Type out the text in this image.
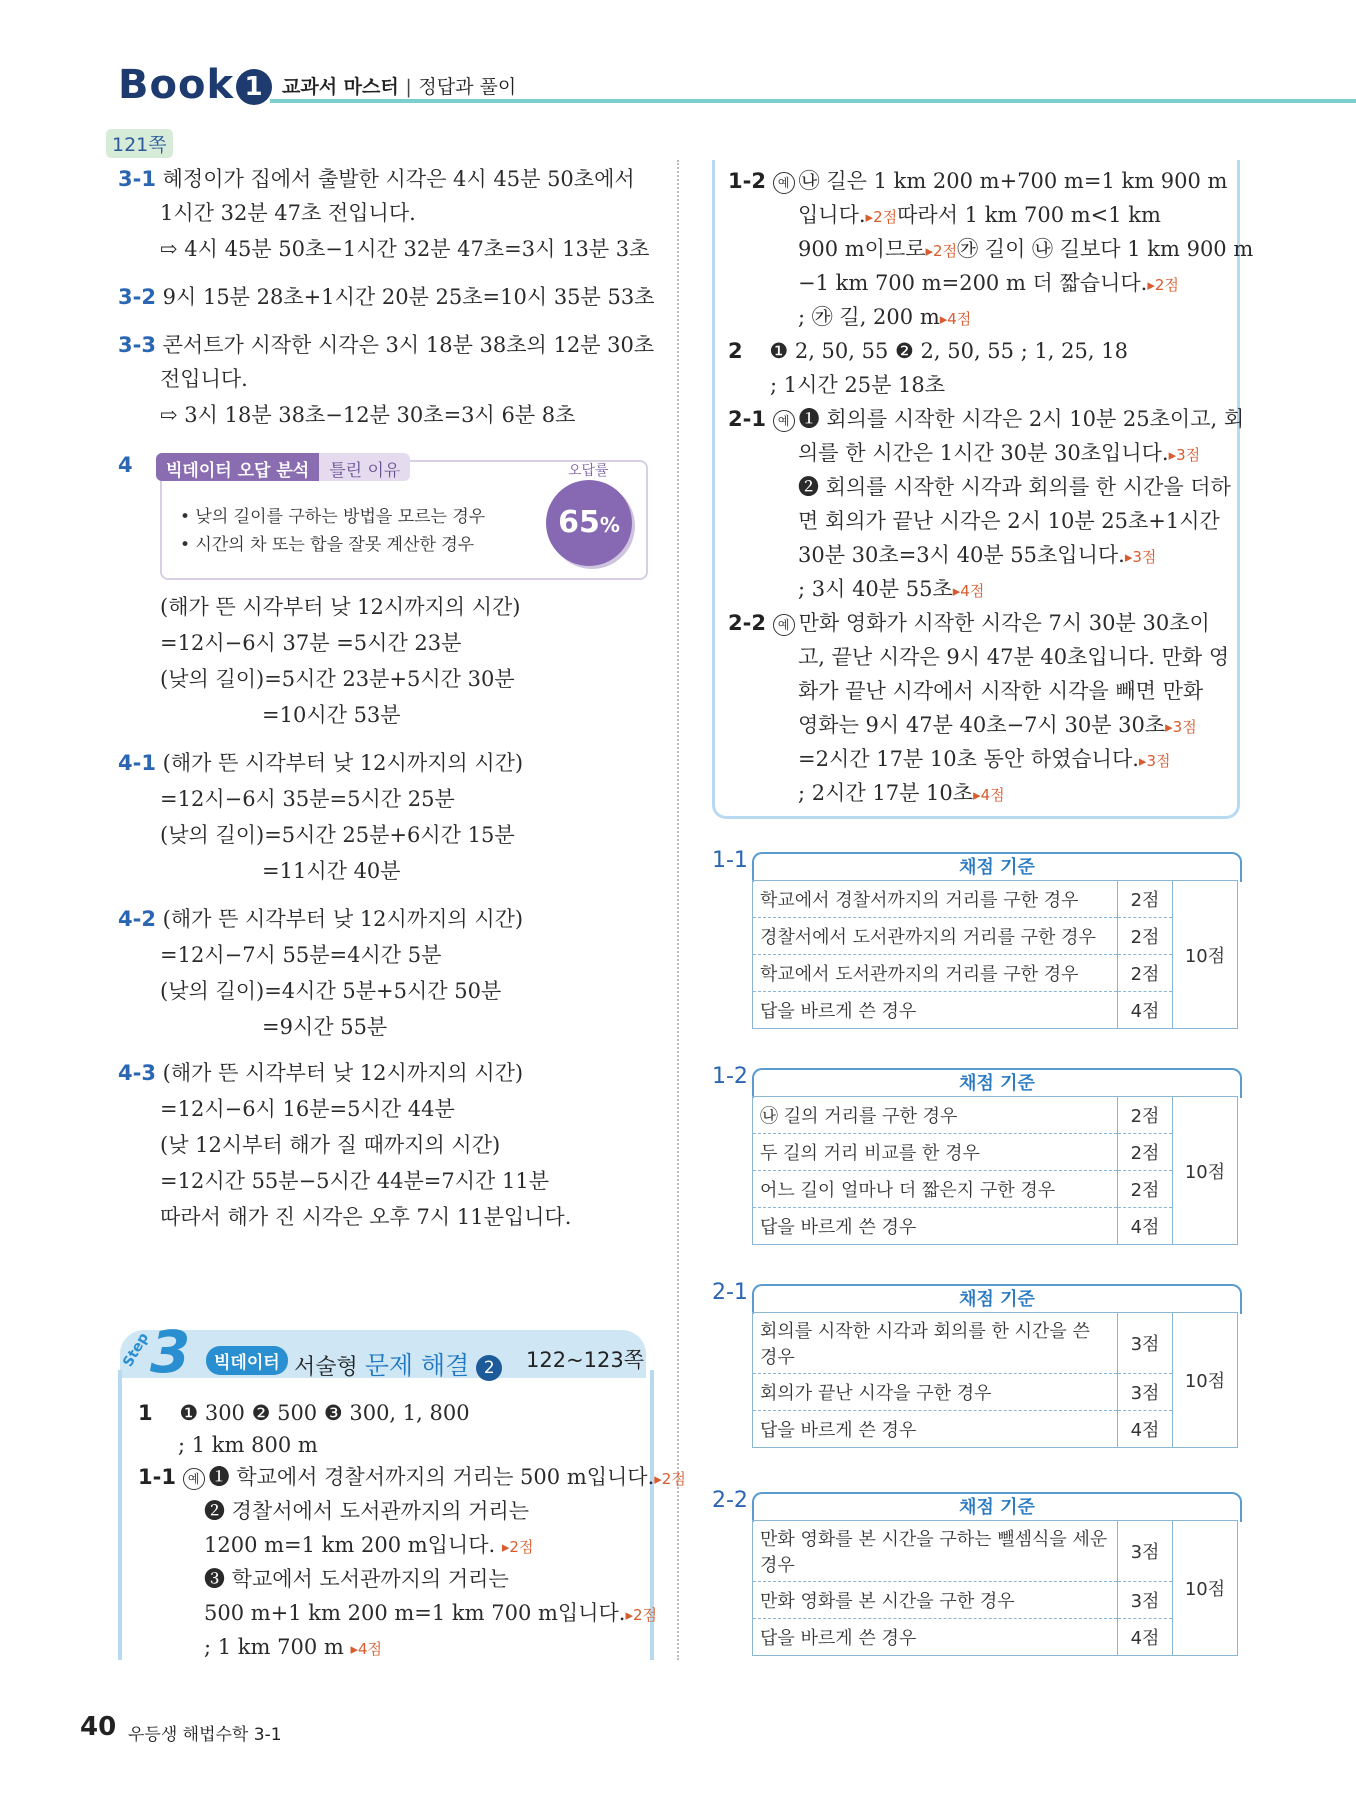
Book 1 교과서 마스터 | 정답과 풀이
121쪽
3-1 혜정이가 집에서 출발한 시각은 4시 45분 50초에서
1시간 32분 47초 전입니다.
⇨ 4시 45분 50초−1시간 32분 47초=3시 13분 3초
3-2 9시 15분 28초+1시간 20분 25초=10시 35분 53초
3-3 콘서트가 시작한 시각은 3시 18분 38초의 12분 30초
전입니다.
⇨ 3시 18분 38초−12분 30초=3시 6분 8초
4	빅데이터 오답 분석	틀린 이유	오답률
65%
• 낮의 길이를 구하는 방법을 모르는 경우
• 시간의 차 또는 합을 잘못 계산한 경우
(해가 뜬 시각부터 낮 12시까지의 시간)
=12시−6시 37분 =5시간 23분
(낮의 길이)=5시간 23분+5시간 30분
=10시간 53분
4-1 (해가 뜬 시각부터 낮 12시까지의 시간)
=12시−6시 35분=5시간 25분
(낮의 길이)=5시간 25분+6시간 15분
=11시간 40분
4-2 (해가 뜬 시각부터 낮 12시까지의 시간)
=12시−7시 55분=4시간 5분
(낮의 길이)=4시간 5분+5시간 50분
=9시간 55분
4-3 (해가 뜬 시각부터 낮 12시까지의 시간)
=12시−6시 16분=5시간 44분
(낮 12시부터 해가 질 때까지의 시간)
=12시간 55분−5시간 44분=7시간 11분
따라서 해가 진 시각은 오후 7시 11분입니다.
Step
3	빅데이터 서술형 문제 해결 2	122~123쪽
1 ❶ 300 ❷ 500 ❸ 300, 1, 800
; 1 km 800 m
1-1 예 ❶ 학교에서 경찰서까지의 거리는 500 m입니다.▸2점
❷ 경찰서에서 도서관까지의 거리는
1200 m=1 km 200 m입니다. ▸2점
❸ 학교에서 도서관까지의 거리는
500 m+1 km 200 m=1 km 700 m입니다.▸2점
; 1 km 700 m ▸4점
1-2 예 ㉯ 길은 1 km 200 m+700 m=1 km 900 m
입니다.▸2점따라서 1 km 700 m<1 km
900 m이므로▸2점㉮ 길이 ㉯ 길보다 1 km 900 m
−1 km 700 m=200 m 더 짧습니다.▸2점
; ㉮ 길, 200 m▸4점
2 ❶ 2, 50, 55 ❷ 2, 50, 55 ; 1, 25, 18
; 1시간 25분 18초
2-1 예 ❶ 회의를 시작한 시각은 2시 10분 25초이고, 회
의를 한 시간은 1시간 30분 30초입니다.▸3점
❷ 회의를 시작한 시각과 회의를 한 시간을 더하
면 회의가 끝난 시각은 2시 10분 25초+1시간
30분 30초=3시 40분 55초입니다.▸3점
; 3시 40분 55초▸4점
2-2 예 만화 영화가 시작한 시각은 7시 30분 30초이
고, 끝난 시각은 9시 47분 40초입니다. 만화 영
화가 끝난 시각에서 시작한 시각을 빼면 만화
영화는 9시 47분 40초−7시 30분 30초▸3점
=2시간 17분 10초 동안 하였습니다.▸3점
; 2시간 17분 10초▸4점
1-1	채점 기준
학교에서 경찰서까지의 거리를 구한 경우	2점	10점
경찰서에서 도서관까지의 거리를 구한 경우	2점	
학교에서 도서관까지의 거리를 구한 경우	2점	
답을 바르게 쓴 경우	4점	
1-2	채점 기준
㉯ 길의 거리를 구한 경우	2점	10점
두 길의 거리 비교를 한 경우	2점	
어느 길이 얼마나 더 짧은지 구한 경우	2점	
답을 바르게 쓴 경우	4점	
2-1	채점 기준
회의를 시작한 시각과 회의를 한 시간을 쓴 경우	3점	10점
회의가 끝난 시각을 구한 경우	3점	
답을 바르게 쓴 경우	4점	
2-2	채점 기준
만화 영화를 본 시간을 구하는 뺄셈식을 세운 경우	3점	10점
만화 영화를 본 시간을 구한 경우	3점	
답을 바르게 쓴 경우	4점	
40 우등생 해법수학 3-1
